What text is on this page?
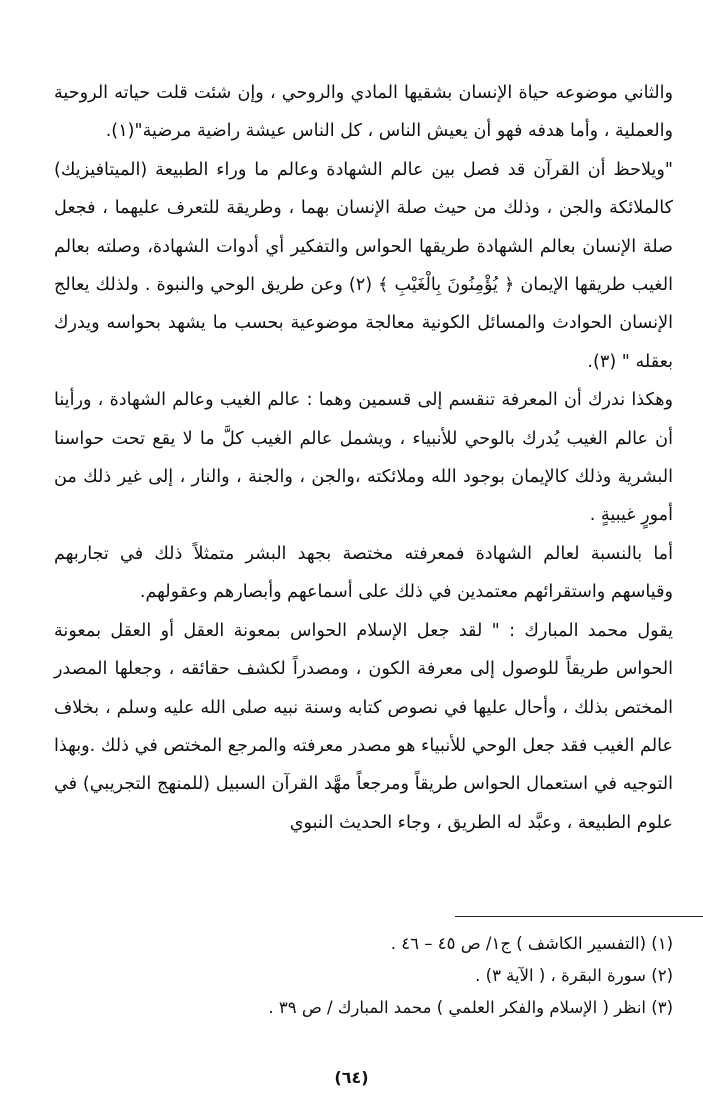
والثاني موضوعه حياة الإنسان بشقيها المادي والروحي ، وإن شئت قلت حياته الروحية والعملية ، وأما هدفه فهو أن يعيش الناس ، كل الناس عيشة راضية مرضية"(١).

"ويلاحظ أن القرآن قد فصل بين عالم الشهادة وعالم ما وراء الطبيعة (الميتافيزيك) كالملائكة والجن ، وذلك من حيث صلة الإنسان بهما ، وطريقة للتعرف عليهما ، فجعل صلة الإنسان بعالم الشهادة طريقها الحواس والتفكير أي أدوات الشهادة، وصلته بعالم الغيب طريقها الإيمان ﴿ يُؤْمِنُونَ بِالْغَيْبِ ﴾ (٢) وعن طريق الوحي والنبوة . ولذلك يعالج الإنسان الحوادث والمسائل الكونية معالجة موضوعية بحسب ما يشهد بحواسه ويدرك بعقله " (٣).

وهكذا ندرك أن المعرفة تنقسم إلى قسمين وهما : عالم الغيب وعالم الشهادة ، ورأينا أن عالم الغيب يُدرك بالوحي للأنبياء ، ويشمل عالم الغيب كلَّ ما لا يقع تحت حواسنا البشرية وذلك كالإيمان بوجود الله وملائكته ،والجن ، والجنة ، والنار ، إلى غير ذلك من أمورٍ غيبيةٍ .

أما بالنسبة لعالم الشهادة فمعرفته مختصة بجهد البشر متمثلاً ذلك في تجاربهم وقياسهم واستقرائهم معتمدين في ذلك على أسماعهم وأبصارهم وعقولهم.

يقول محمد المبارك : " لقد جعل الإسلام الحواس بمعونة العقل أو العقل بمعونة الحواس طريقاً للوصول إلى معرفة الكون ، ومصدراً لكشف حقائقه ، وجعلها المصدر المختص بذلك ، وأحال عليها في نصوص كتابه وسنة نبيه صلى الله عليه وسلم ، بخلاف عالم الغيب فقد جعل الوحي للأنبياء هو مصدر معرفته والمرجع المختص في ذلك .وبهذا التوجيه في استعمال الحواس طريقاً ومرجعاً مهَّد القرآن السبيل (للمنهج التجريبي) في علوم الطبيعة ، وعبَّد له الطريق ، وجاء الحديث النبوي

(١) (التفسير الكاشف ) ج١/ ص ٤٥ – ٤٦ .
(٢) سورة البقرة ، ( الآية ٣) .
(٣) انظر ( الإسلام والفكر العلمي ) محمد المبارك / ص ٣٩ .
(٦٤)
